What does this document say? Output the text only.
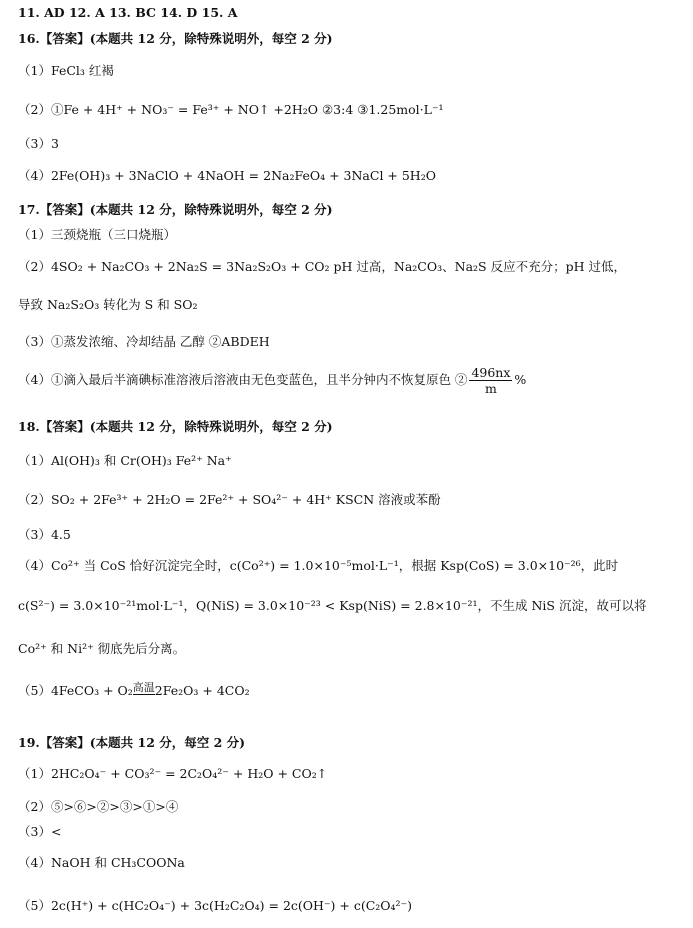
11. AD 12. A 13. BC 14. D 15. A
16.【答案】(本题共 12 分，除特殊说明外，每空 2 分)
（1）FeCl₃ 红褐
（2）①Fe + 4H⁺ + NO₃⁻ = Fe³⁺ + NO↑ +2H₂O ②3:4 ③1.25mol·L⁻¹
（3）3
（4）2Fe(OH)₃ + 3NaClO + 4NaOH = 2Na₂FeO₄ + 3NaCl + 5H₂O
17.【答案】(本题共 12 分，除特殊说明外，每空 2 分)
（1）三颈烧瓶（三口烧瓶）
（2）4SO₂ + Na₂CO₃ + 2Na₂S = 3Na₂S₂O₃ + CO₂ pH 过高，Na₂CO₃、Na₂S 反应不充分；pH 过低，
导致 Na₂S₂O₃ 转化为 S 和 SO₂
（3）①蒸发浓缩、冷却结晶 乙醇 ②ABDEH
（4）①滴入最后半滴碘标准溶液后溶液由无色变蓝色，且半分钟内不恢复原色 ② $\frac{496nx}{m}$ %
18.【答案】(本题共 12 分，除特殊说明外，每空 2 分)
（1）Al(OH)₃ 和 Cr(OH)₃ Fe²⁺ Na⁺
（2）SO₂ + 2Fe³⁺ + 2H₂O = 2Fe²⁺ + SO₄²⁻ + 4H⁺ KSCN 溶液或苯酚
（3）4.5
（4）Co²⁺ 当 CoS 恰好沉淀完全时，c(Co²⁺) = 1.0×10⁻⁵mol·L⁻¹，根据 Ksp(CoS) = 3.0×10⁻²⁶，此时
c(S²⁻) = 3.0×10⁻²¹mol·L⁻¹，Q(NiS) = 3.0×10⁻²³ < Ksp(NiS) = 2.8×10⁻²¹，不生成 NiS 沉淀，故可以将
Co²⁺ 和 Ni²⁺ 彻底先后分离。
（5）4FeCO₃ + O₂ 高温 2Fe₂O₃ + 4CO₂
19.【答案】(本题共 12 分，每空 2 分)
（1）2HC₂O₄⁻ + CO₃²⁻ = 2C₂O₄²⁻ + H₂O + CO₂↑
（2）⑤>⑥>②>③>①>④
（3）<
（4）NaOH 和 CH₃COONa
（5）2c(H⁺) + c(HC₂O₄⁻) + 3c(H₂C₂O₄) = 2c(OH⁻) + c(C₂O₄²⁻)
